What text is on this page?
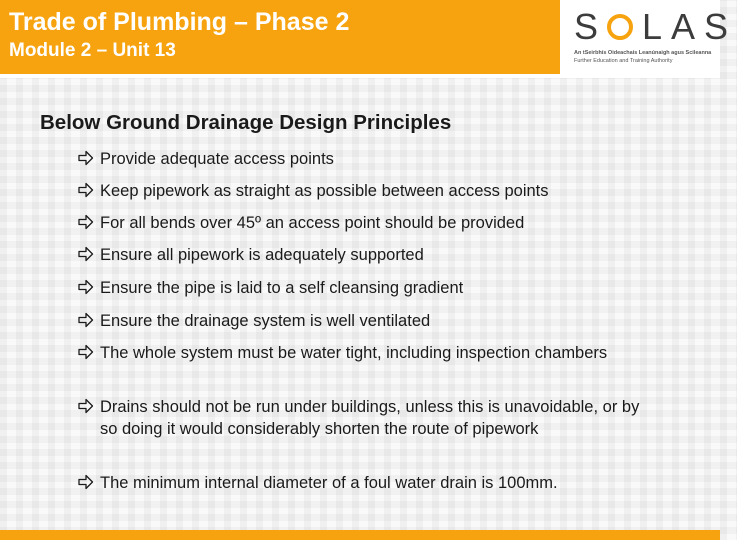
Trade of Plumbing – Phase 2
Module 2 – Unit 13

S LAS

An tSeirbhís Oideachais Leanúnaigh agus Scileanna

Further Education and Training Authority

Below Ground Drainage Design Principles
Provide adequate access points
Keep pipework as straight as possible between access points
For all bends over 45º an access point should be provided
Ensure all pipework is adequately supported
Ensure the pipe is laid to a self cleansing gradient
Ensure the drainage system is well ventilated
The whole system must be water tight, including inspection chambers
Drains should not be run under buildings, unless this is unavoidable, or by so doing it would considerably shorten the route of pipework
The minimum internal diameter of a foul water drain is 100mm.
